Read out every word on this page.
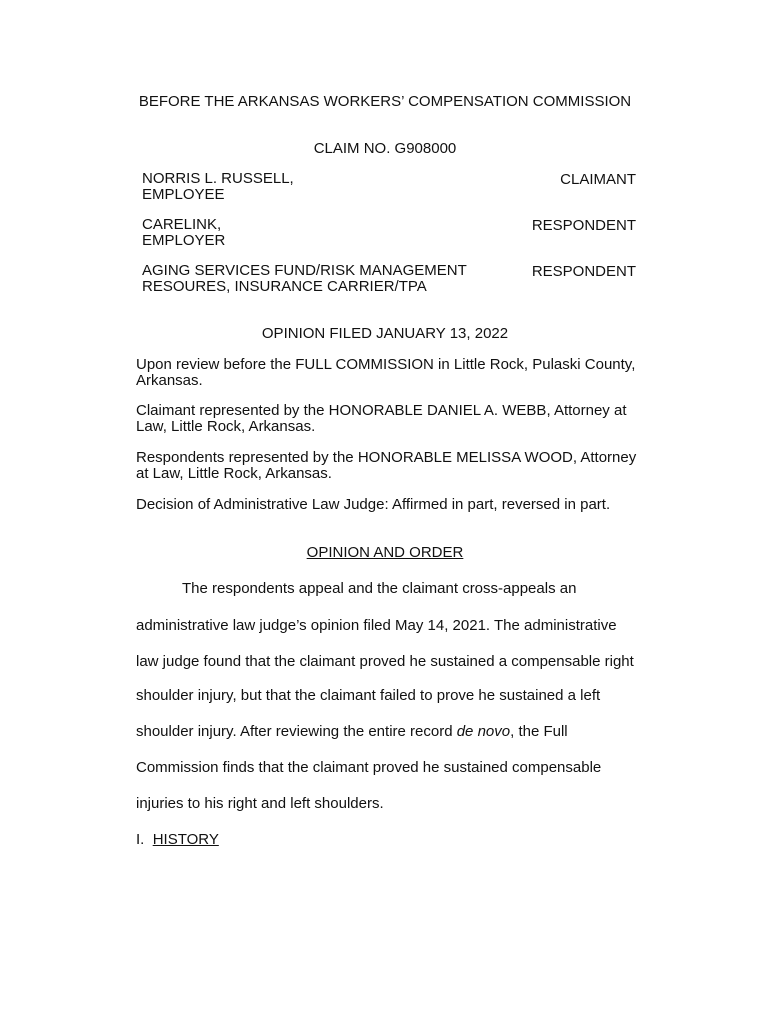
BEFORE THE ARKANSAS WORKERS’ COMPENSATION COMMISSION
CLAIM NO. G908000
NORRIS L. RUSSELL,
EMPLOYEE
CLAIMANT
CARELINK,
EMPLOYER
RESPONDENT
AGING SERVICES FUND/RISK MANAGEMENT
RESOURES, INSURANCE CARRIER/TPA
RESPONDENT
OPINION FILED JANUARY 13, 2022
Upon review before the FULL COMMISSION in Little Rock, Pulaski County, Arkansas.
Claimant represented by the HONORABLE DANIEL A. WEBB, Attorney at Law, Little Rock, Arkansas.
Respondents represented by the HONORABLE MELISSA WOOD, Attorney at Law, Little Rock, Arkansas.
Decision of Administrative Law Judge: Affirmed in part, reversed in part.
OPINION AND ORDER
The respondents appeal and the claimant cross-appeals an
administrative law judge’s opinion filed May 14, 2021. The administrative
law judge found that the claimant proved he sustained a compensable right
shoulder injury, but that the claimant failed to prove he sustained a left
shoulder injury. After reviewing the entire record de novo, the Full
Commission finds that the claimant proved he sustained compensable
injuries to his right and left shoulders.
I. HISTORY
